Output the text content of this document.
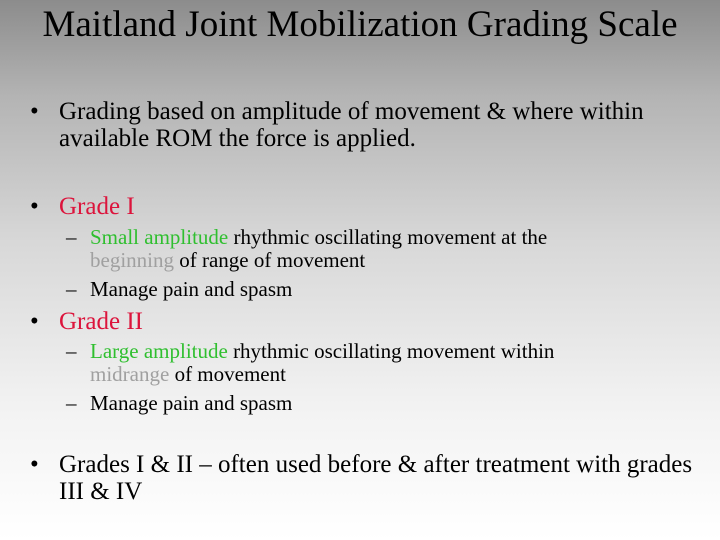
Maitland Joint Mobilization Grading Scale
• Grading based on amplitude of movement & where within available ROM the force is applied.
• Grade I
– Small amplitude rhythmic oscillating movement at the beginning of range of movement
– Manage pain and spasm
• Grade II
– Large amplitude rhythmic oscillating movement within midrange of movement
– Manage pain and spasm
• Grades I & II – often used before & after treatment with grades III & IV
